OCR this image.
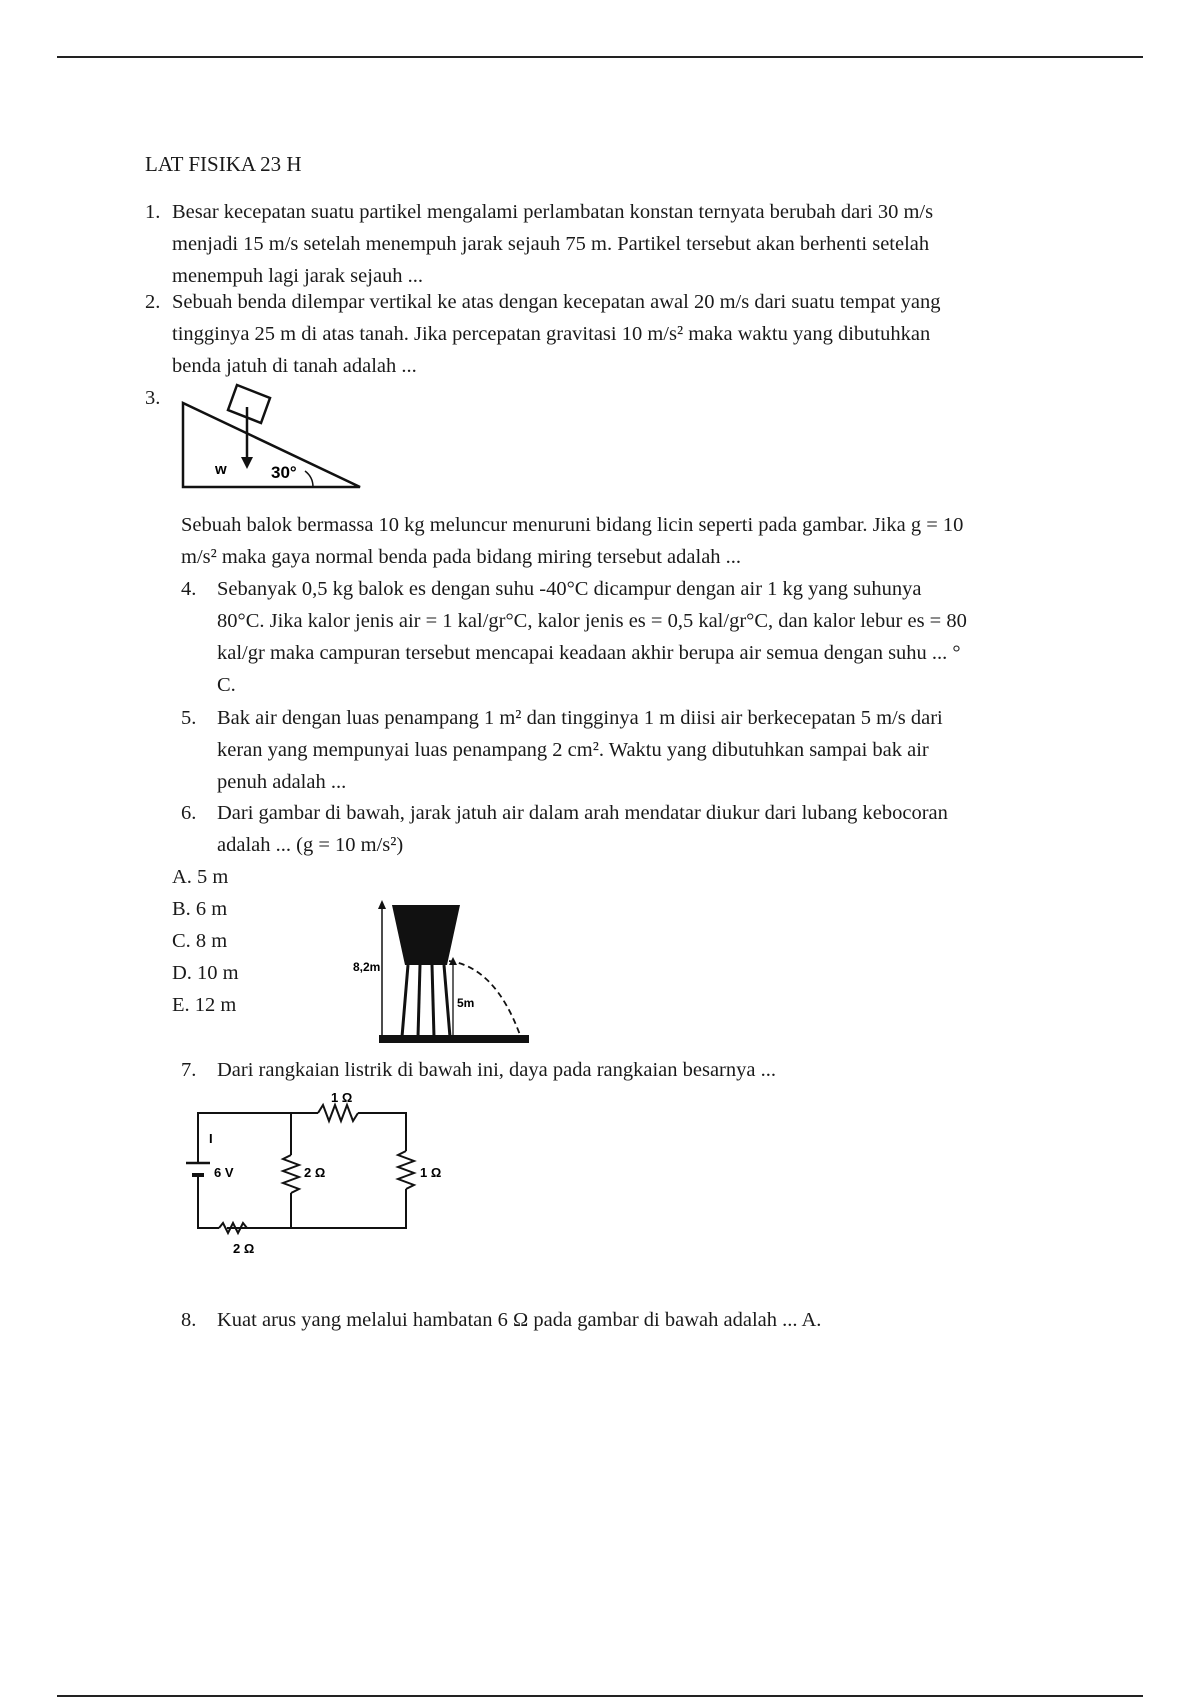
LAT FISIKA 23 H
1. Besar kecepatan suatu partikel mengalami perlambatan konstan ternyata berubah dari 30 m/s
menjadi 15 m/s setelah menempuh jarak sejauh 75 m. Partikel tersebut akan berhenti setelah
menempuh lagi jarak sejauh ...
2. Sebuah benda dilempar vertikal ke atas dengan kecepatan awal 20 m/s dari suatu tempat yang
tingginya 25 m di atas tanah. Jika percepatan gravitasi 10 m/s² maka waktu yang dibutuhkan
benda jatuh di tanah adalah ...
3.
w	30°
Sebuah balok bermassa 10 kg meluncur menuruni bidang licin seperti pada gambar. Jika g = 10
m/s² maka gaya normal benda pada bidang miring tersebut adalah ...
4. Sebanyak 0,5 kg balok es dengan suhu -40°C dicampur dengan air 1 kg yang suhunya
80°C. Jika kalor jenis air = 1 kal/gr°C, kalor jenis es = 0,5 kal/gr°C, dan kalor lebur es = 80
kal/gr maka campuran tersebut mencapai keadaan akhir berupa air semua dengan suhu ... °
C.
5. Bak air dengan luas penampang 1 m² dan tingginya 1 m diisi air berkecepatan 5 m/s dari
keran yang mempunyai luas penampang 2 cm². Waktu yang dibutuhkan sampai bak air
penuh adalah ...
6. Dari gambar di bawah, jarak jatuh air dalam arah mendatar diukur dari lubang kebocoran
adalah ... (g = 10 m/s²)
A. 5 m
B. 6 m
C. 8 m
D. 10 m
E. 12 m
8,2m
5m
7. Dari rangkaian listrik di bawah ini, daya pada rangkaian besarnya ...
1 Ω
I
6 V	2 Ω	1 Ω
2 Ω
8. Kuat arus yang melalui hambatan 6 Ω pada gambar di bawah adalah ... A.
